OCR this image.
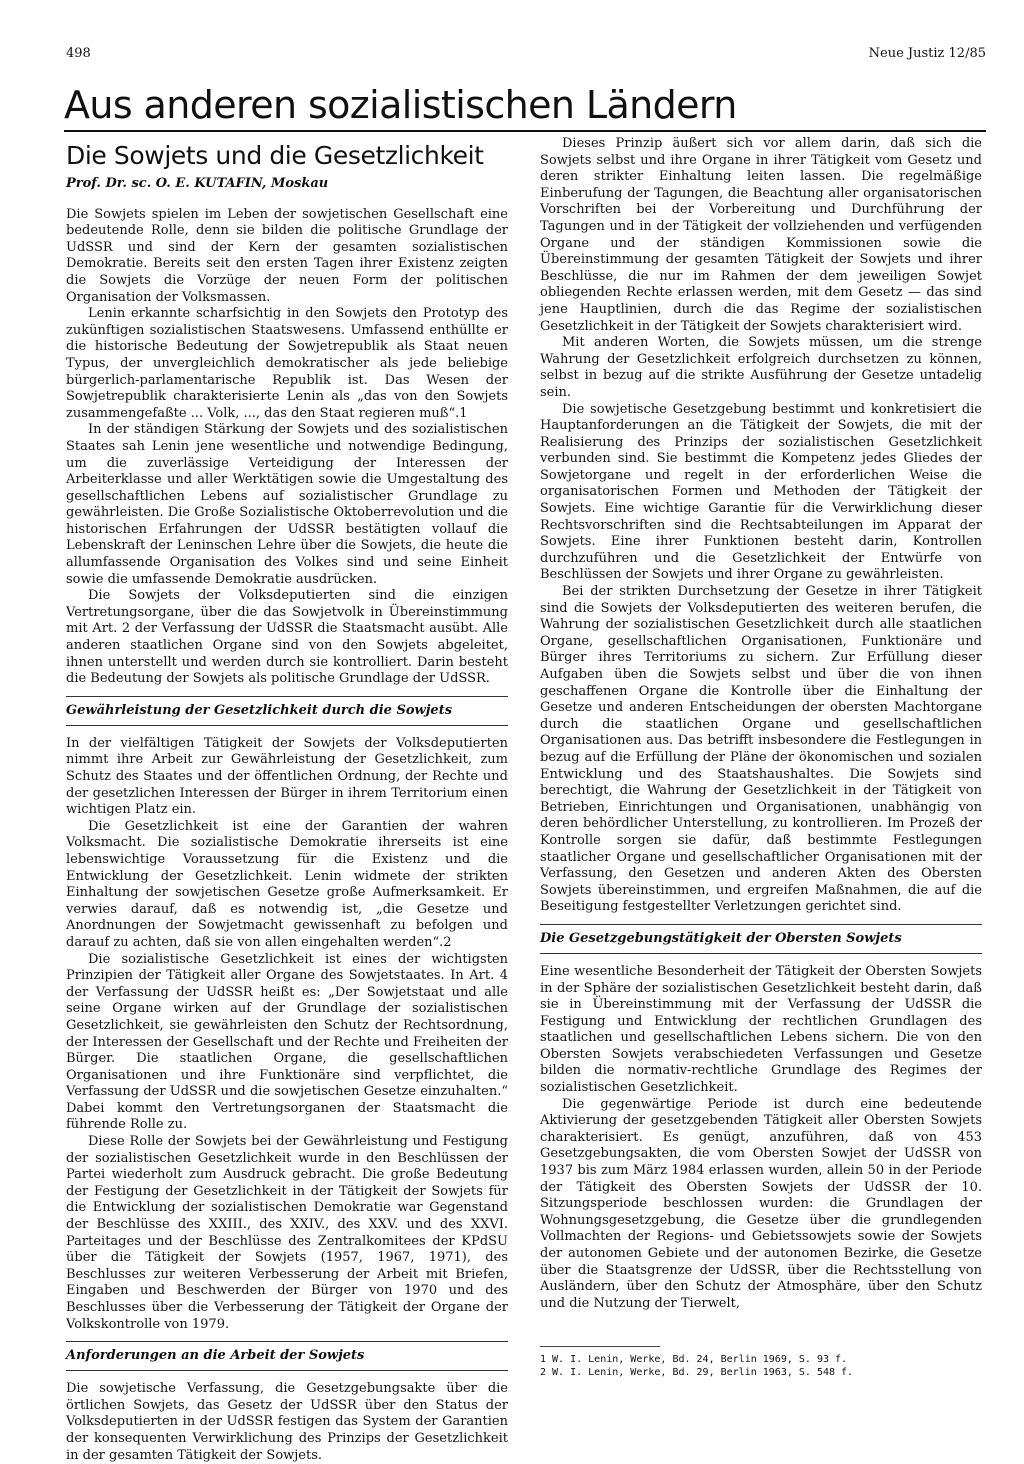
498	Neue Justiz 12/85
Aus anderen sozialistischen Ländern
Die Sowjets und die Gesetzlichkeit
Prof. Dr. sc. O. E. KUTAFIN, Moskau

Die Sowjets spielen im Leben der sowjetischen Gesellschaft eine bedeutende Rolle, denn sie bilden die politische Grundlage der UdSSR und sind der Kern der gesamten sozialistischen Demokratie. Bereits seit den ersten Tagen ihrer Existenz zeigten die Sowjets die Vorzüge der neuen Form der politischen Organisation der Volksmassen.

Lenin erkannte scharfsichtig in den Sowjets den Prototyp des zukünftigen sozialistischen Staatswesens. Umfassend enthüllte er die historische Bedeutung der Sowjetrepublik als Staat neuen Typus, der unvergleichlich demokratischer als jede beliebige bürgerlich-parlamentarische Republik ist. Das Wesen der Sowjetrepublik charakterisierte Lenin als „das von den Sowjets zusammengefaßte ... Volk, ..., das den Staat regieren muß“.1

In der ständigen Stärkung der Sowjets und des sozialistischen Staates sah Lenin jene wesentliche und notwendige Bedingung, um die zuverlässige Verteidigung der Interessen der Arbeiterklasse und aller Werktätigen sowie die Umgestaltung des gesellschaftlichen Lebens auf sozialistischer Grundlage zu gewährleisten. Die Große Sozialistische Oktoberrevolution und die historischen Erfahrungen der UdSSR bestätigten vollauf die Lebenskraft der Leninschen Lehre über die Sowjets, die heute die allumfassende Organisation des Volkes sind und seine Einheit sowie die umfassende Demokratie ausdrücken.

Die Sowjets der Volksdeputierten sind die einzigen Vertretungsorgane, über die das Sowjetvolk in Übereinstimmung mit Art. 2 der Verfassung der UdSSR die Staatsmacht ausübt. Alle anderen staatlichen Organe sind von den Sowjets abgeleitet, ihnen unterstellt und werden durch sie kontrolliert. Darin besteht die Bedeutung der Sowjets als politische Grundlage der UdSSR.

Gewährleistung der Gesetzlichkeit durch die Sowjets

In der vielfältigen Tätigkeit der Sowjets der Volksdeputierten nimmt ihre Arbeit zur Gewährleistung der Gesetzlichkeit, zum Schutz des Staates und der öffentlichen Ordnung, der Rechte und der gesetzlichen Interessen der Bürger in ihrem Territorium einen wichtigen Platz ein.

Die Gesetzlichkeit ist eine der Garantien der wahren Volksmacht. Die sozialistische Demokratie ihrerseits ist eine lebenswichtige Voraussetzung für die Existenz und die Entwicklung der Gesetzlichkeit. Lenin widmete der strikten Einhaltung der sowjetischen Gesetze große Aufmerksamkeit. Er verwies darauf, daß es notwendig ist, „die Gesetze und Anordnungen der Sowjetmacht gewissenhaft zu befolgen und darauf zu achten, daß sie von allen eingehalten werden“.2

Die sozialistische Gesetzlichkeit ist eines der wichtigsten Prinzipien der Tätigkeit aller Organe des Sowjetstaates. In Art. 4 der Verfassung der UdSSR heißt es: „Der Sowjetstaat und alle seine Organe wirken auf der Grundlage der sozialistischen Gesetzlichkeit, sie gewährleisten den Schutz der Rechtsordnung, der Interessen der Gesellschaft und der Rechte und Freiheiten der Bürger. Die staatlichen Organe, die gesellschaftlichen Organisationen und ihre Funktionäre sind verpflichtet, die Verfassung der UdSSR und die sowjetischen Gesetze einzuhalten.“ Dabei kommt den Vertretungsorganen der Staatsmacht die führende Rolle zu.

Diese Rolle der Sowjets bei der Gewährleistung und Festigung der sozialistischen Gesetzlichkeit wurde in den Beschlüssen der Partei wiederholt zum Ausdruck gebracht. Die große Bedeutung der Festigung der Gesetzlichkeit in der Tätigkeit der Sowjets für die Entwicklung der sozialistischen Demokratie war Gegenstand der Beschlüsse des XXIII., des XXIV., des XXV. und des XXVI. Parteitages und der Beschlüsse des Zentralkomitees der KPdSU über die Tätigkeit der Sowjets (1957, 1967, 1971), des Beschlusses zur weiteren Verbesserung der Arbeit mit Briefen, Eingaben und Beschwerden der Bürger von 1970 und des Beschlusses über die Verbesserung der Tätigkeit der Organe der Volkskontrolle von 1979.

Anforderungen an die Arbeit der Sowjets

Die sowjetische Verfassung, die Gesetzgebungsakte über die örtlichen Sowjets, das Gesetz der UdSSR über den Status der Volksdeputierten in der UdSSR festigen das System der Garantien der konsequenten Verwirklichung des Prinzips der Gesetzlichkeit in der gesamten Tätigkeit der Sowjets.

Dieses Prinzip äußert sich vor allem darin, daß sich die Sowjets selbst und ihre Organe in ihrer Tätigkeit vom Gesetz und deren strikter Einhaltung leiten lassen. Die regelmäßige Einberufung der Tagungen, die Beachtung aller organisatorischen Vorschriften bei der Vorbereitung und Durchführung der Tagungen und in der Tätigkeit der vollziehenden und verfügenden Organe und der ständigen Kommissionen sowie die Übereinstimmung der gesamten Tätigkeit der Sowjets und ihrer Beschlüsse, die nur im Rahmen der dem jeweiligen Sowjet obliegenden Rechte erlassen werden, mit dem Gesetz — das sind jene Hauptlinien, durch die das Regime der sozialistischen Gesetzlichkeit in der Tätigkeit der Sowjets charakterisiert wird.

Mit anderen Worten, die Sowjets müssen, um die strenge Wahrung der Gesetzlichkeit erfolgreich durchsetzen zu können, selbst in bezug auf die strikte Ausführung der Gesetze untadelig sein.

Die sowjetische Gesetzgebung bestimmt und konkretisiert die Hauptanforderungen an die Tätigkeit der Sowjets, die mit der Realisierung des Prinzips der sozialistischen Gesetzlichkeit verbunden sind. Sie bestimmt die Kompetenz jedes Gliedes der Sowjetorgane und regelt in der erforderlichen Weise die organisatorischen Formen und Methoden der Tätigkeit der Sowjets. Eine wichtige Garantie für die Verwirklichung dieser Rechtsvorschriften sind die Rechtsabteilungen im Apparat der Sowjets. Eine ihrer Funktionen besteht darin, Kontrollen durchzuführen und die Gesetzlichkeit der Entwürfe von Beschlüssen der Sowjets und ihrer Organe zu gewährleisten.

Bei der strikten Durchsetzung der Gesetze in ihrer Tätigkeit sind die Sowjets der Volksdeputierten des weiteren berufen, die Wahrung der sozialistischen Gesetzlichkeit durch alle staatlichen Organe, gesellschaftlichen Organisationen, Funktionäre und Bürger ihres Territoriums zu sichern. Zur Erfüllung dieser Aufgaben üben die Sowjets selbst und über die von ihnen geschaffenen Organe die Kontrolle über die Einhaltung der Gesetze und anderen Entscheidungen der obersten Machtorgane durch die staatlichen Organe und gesellschaftlichen Organisationen aus. Das betrifft insbesondere die Festlegungen in bezug auf die Erfüllung der Pläne der ökonomischen und sozialen Entwicklung und des Staatshaushaltes. Die Sowjets sind berechtigt, die Wahrung der Gesetzlichkeit in der Tätigkeit von Betrieben, Einrichtungen und Organisationen, unabhängig von deren behördlicher Unterstellung, zu kontrollieren. Im Prozeß der Kontrolle sorgen sie dafür, daß bestimmte Festlegungen staatlicher Organe und gesellschaftlicher Organisationen mit der Verfassung, den Gesetzen und anderen Akten des Obersten Sowjets übereinstimmen, und ergreifen Maßnahmen, die auf die Beseitigung festgestellter Verletzungen gerichtet sind.

Die Gesetzgebungstätigkeit der Obersten Sowjets

Eine wesentliche Besonderheit der Tätigkeit der Obersten Sowjets in der Sphäre der sozialistischen Gesetzlichkeit besteht darin, daß sie in Übereinstimmung mit der Verfassung der UdSSR die Festigung und Entwicklung der rechtlichen Grundlagen des staatlichen und gesellschaftlichen Lebens sichern. Die von den Obersten Sowjets verabschiedeten Verfassungen und Gesetze bilden die normativ-rechtliche Grundlage des Regimes der sozialistischen Gesetzlichkeit.

Die gegenwärtige Periode ist durch eine bedeutende Aktivierung der gesetzgebenden Tätigkeit aller Obersten Sowjets charakterisiert. Es genügt, anzuführen, daß von 453 Gesetzgebungsakten, die vom Obersten Sowjet der UdSSR von 1937 bis zum März 1984 erlassen wurden, allein 50 in der Periode der Tätigkeit des Obersten Sowjets der UdSSR der 10. Sitzungsperiode beschlossen wurden: die Grundlagen der Wohnungsgesetzgebung, die Gesetze über die grundlegenden Vollmachten der Regions- und Gebietssowjets sowie der Sowjets der autonomen Gebiete und der autonomen Bezirke, die Gesetze über die Staatsgrenze der UdSSR, über die Rechtsstellung von Ausländern, über den Schutz der Atmosphäre, über den Schutz und die Nutzung der Tierwelt,

1 W. I. Lenin, Werke, Bd. 24, Berlin 1969, S. 93 f.
2 W. I. Lenin, Werke, Bd. 29, Berlin 1963, S. 548 f.
